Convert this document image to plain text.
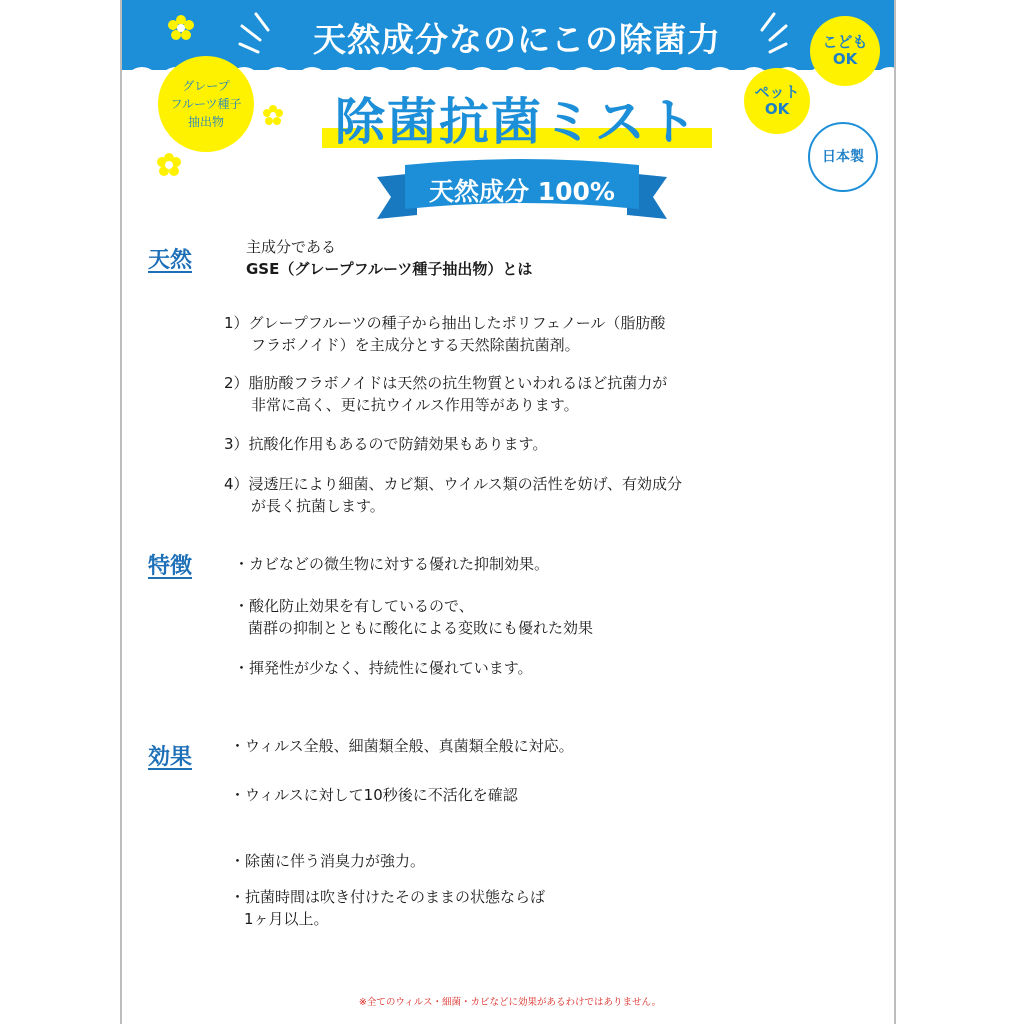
天然成分なのにこの除菌力
グレープ
フルーツ種子
抽出物
こども
OK
ペット
OK
日本製
除菌抗菌ミスト
天然成分 100%
天然
主成分である
GSE（グレープフルーツ種子抽出物）とは
1）グレープフルーツの種子から抽出したポリフェノール（脂肪酸
フラボノイド）を主成分とする天然除菌抗菌剤。
2）脂肪酸フラボノイドは天然の抗生物質といわれるほど抗菌力が
非常に高く、更に抗ウイルス作用等があります。
3）抗酸化作用もあるので防錆効果もあります。
4）浸透圧により細菌、カビ類、ウイルス類の活性を妨げ、有効成分
が長く抗菌します。
特徴	・カビなどの微生物に対する優れた抑制効果。
・酸化防止効果を有しているので、
菌群の抑制とともに酸化による変敗にも優れた効果
・揮発性が少なく、持続性に優れています。
効果	・ウィルス全般、細菌類全般、真菌類全般に対応。
・ウィルスに対して10秒後に不活化を確認
・除菌に伴う消臭力が強力。
・抗菌時間は吹き付けたそのままの状態ならば
1ヶ月以上。
※全てのウィルス・細菌・カビなどに効果があるわけではありません。
